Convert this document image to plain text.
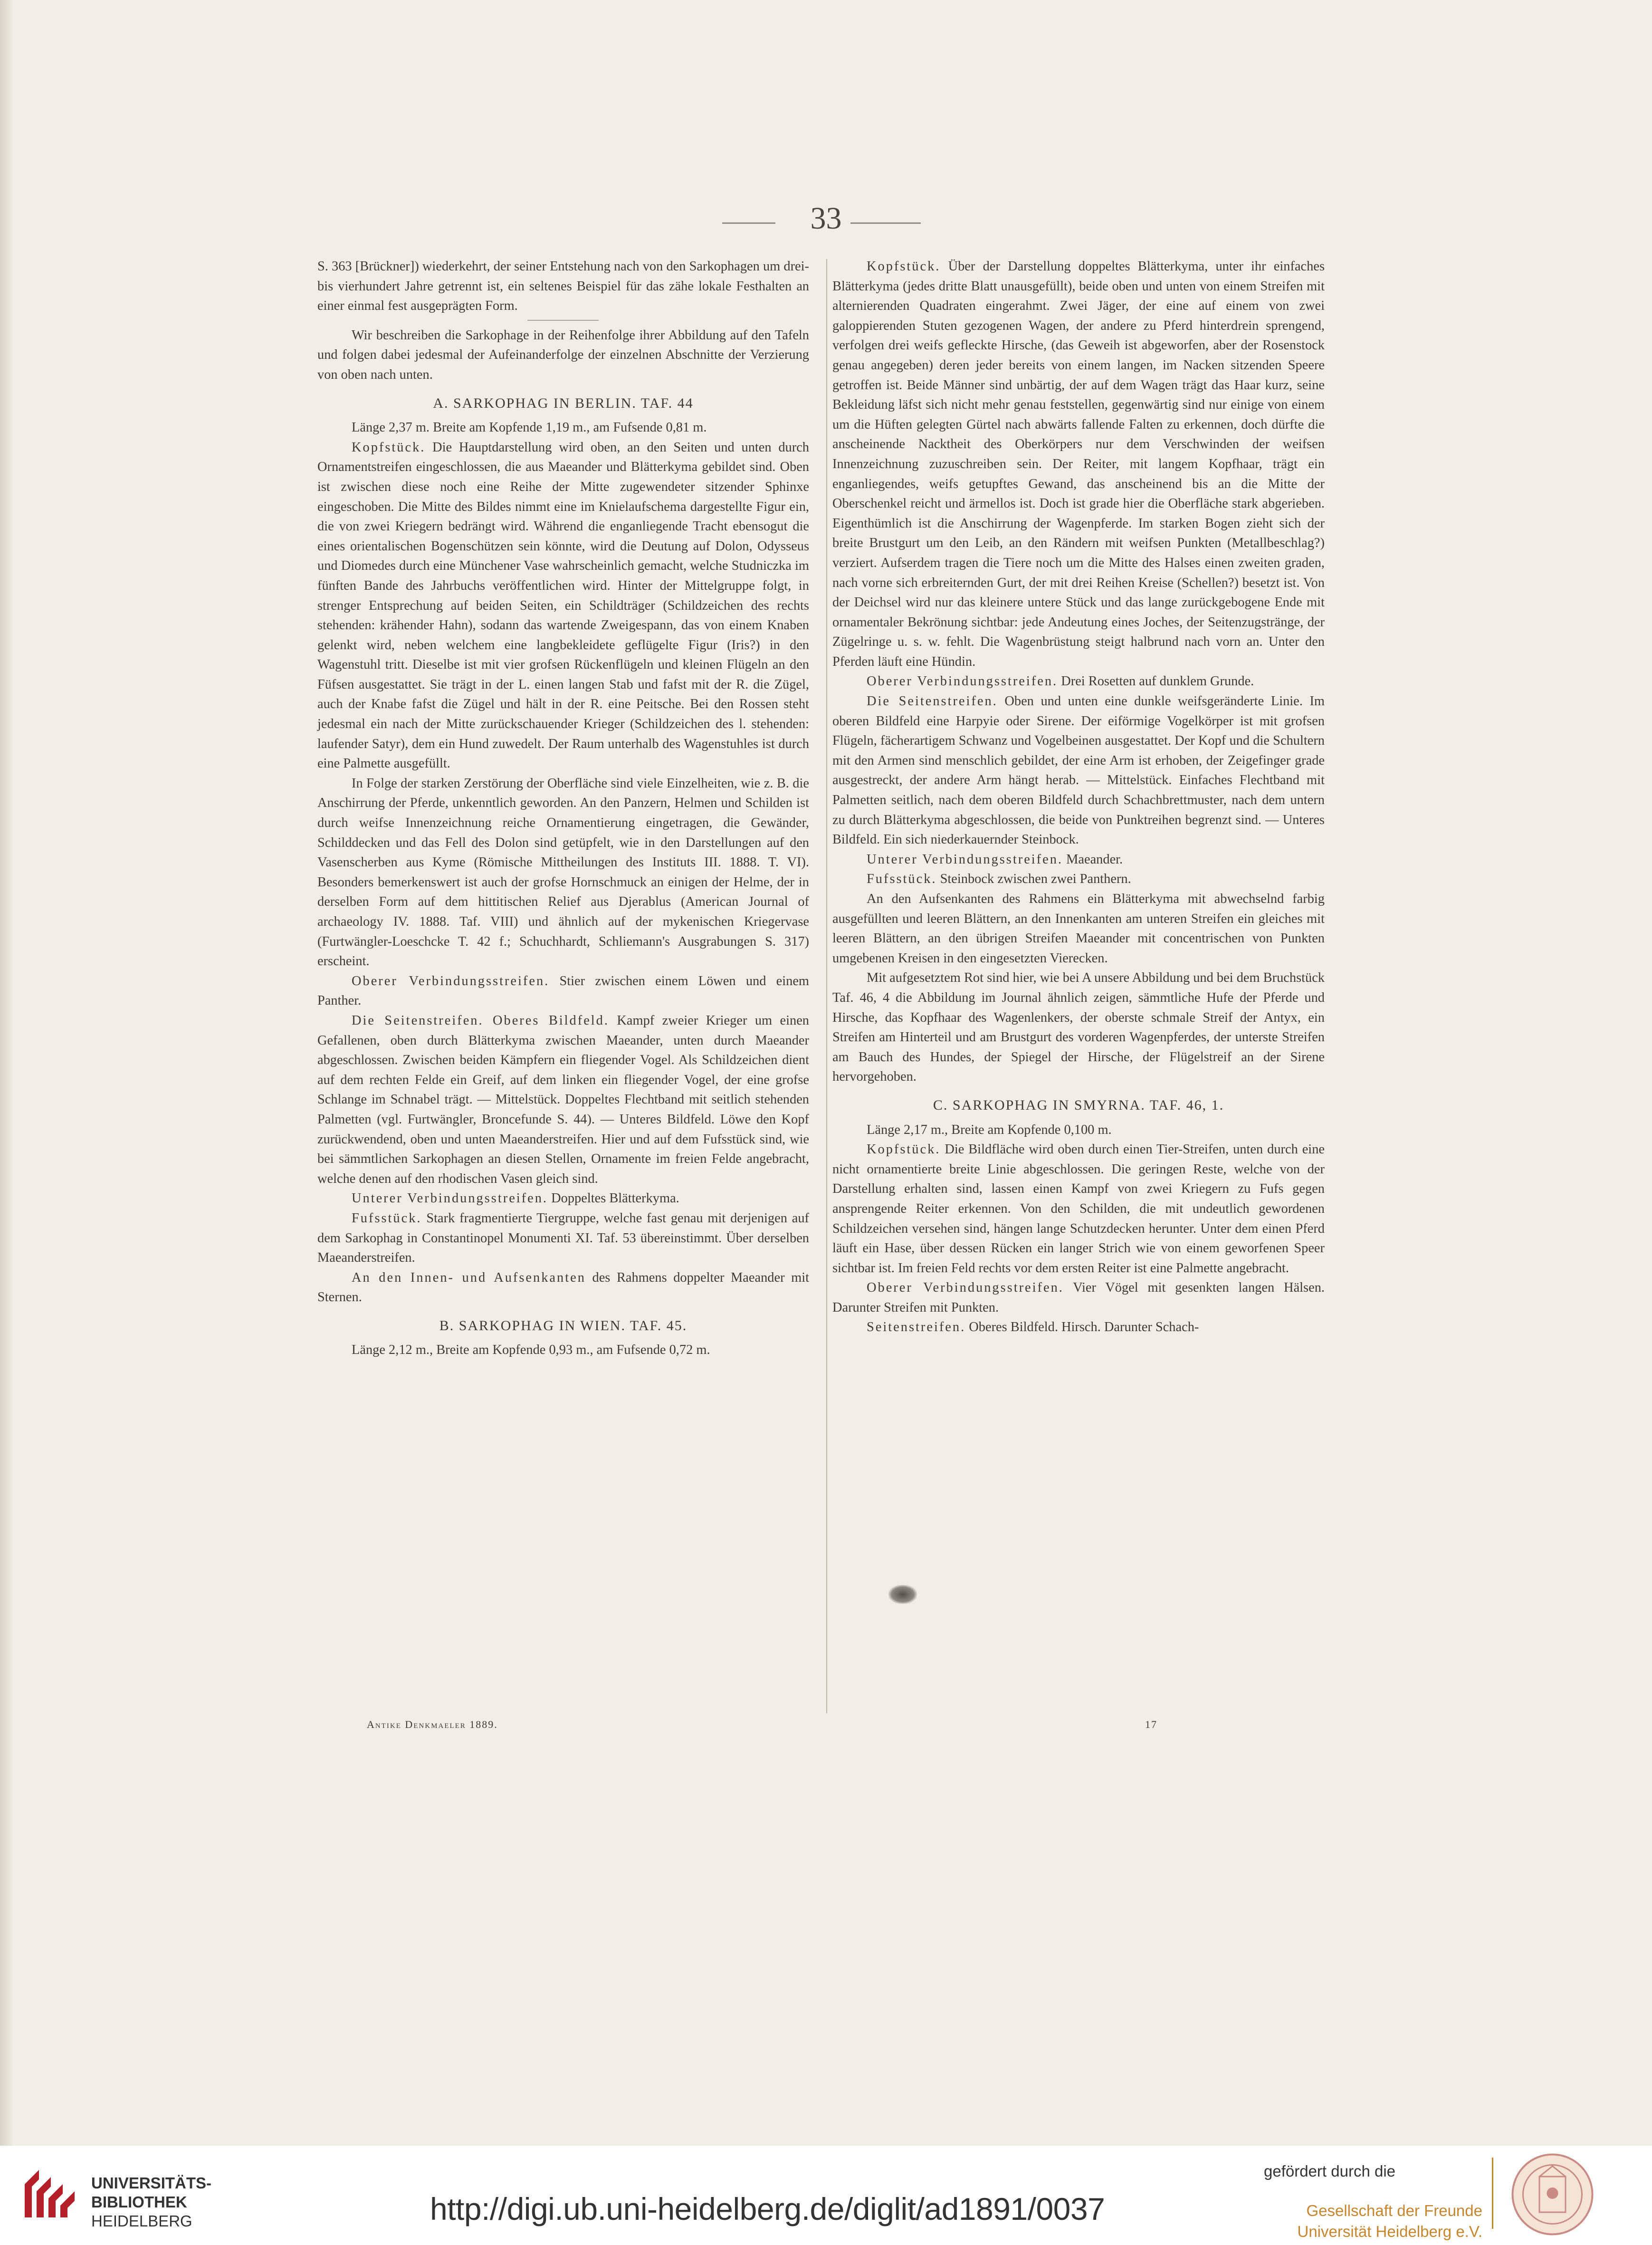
33

S. 363 [Brückner]) wiederkehrt, der seiner Entstehung nach von den Sarkophagen um drei- bis vierhundert Jahre getrennt ist, ein seltenes Beispiel für das zähe lokale Festhalten an einer einmal fest ausgeprägten Form.

Wir beschreiben die Sarkophage in der Reihenfolge ihrer Abbildung auf den Tafeln und folgen dabei jedesmal der Aufeinanderfolge der einzelnen Abschnitte der Verzierung von oben nach unten.

A. SARKOPHAG IN BERLIN. TAF. 44

Länge 2,37 m. Breite am Kopfende 1,19 m., am Fufsende 0,81 m.

Kopfstück. Die Hauptdarstellung wird oben, an den Seiten und unten durch Ornamentstreifen eingeschlossen, die aus Maeander und Blätterkyma gebildet sind. Oben ist zwischen diese noch eine Reihe der Mitte zugewendeter sitzender Sphinxe eingeschoben. Die Mitte des Bildes nimmt eine im Knielaufschema dargestellte Figur ein, die von zwei Kriegern bedrängt wird. Während die enganliegende Tracht ebensogut die eines orientalischen Bogenschützen sein könnte, wird die Deutung auf Dolon, Odysseus und Diomedes durch eine Münchener Vase wahrscheinlich gemacht, welche Studniczka im fünften Bande des Jahrbuchs veröffentlichen wird. Hinter der Mittelgruppe folgt, in strenger Entsprechung auf beiden Seiten, ein Schildträger (Schildzeichen des rechts stehenden: krähender Hahn), sodann das wartende Zweigespann, das von einem Knaben gelenkt wird, neben welchem eine langbekleidete geflügelte Figur (Iris?) in den Wagenstuhl tritt. Dieselbe ist mit vier grofsen Rückenflügeln und kleinen Flügeln an den Füfsen ausgestattet. Sie trägt in der L. einen langen Stab und fafst mit der R. die Zügel, auch der Knabe fafst die Zügel und hält in der R. eine Peitsche. Bei den Rossen steht jedesmal ein nach der Mitte zurückschauender Krieger (Schildzeichen des l. stehenden: laufender Satyr), dem ein Hund zuwedelt. Der Raum unterhalb des Wagenstuhles ist durch eine Palmette ausgefüllt.

In Folge der starken Zerstörung der Oberfläche sind viele Einzelheiten, wie z. B. die Anschirrung der Pferde, unkenntlich geworden. An den Panzern, Helmen und Schilden ist durch weifse Innenzeichnung reiche Ornamentierung eingetragen, die Gewänder, Schilddecken und das Fell des Dolon sind getüpfelt, wie in den Darstellungen auf den Vasenscherben aus Kyme (Römische Mittheilungen des Instituts III. 1888. T. VI). Besonders bemerkenswert ist auch der grofse Hornschmuck an einigen der Helme, der in derselben Form auf dem hittitischen Relief aus Djerablus (American Journal of archaeology IV. 1888. Taf. VIII) und ähnlich auf der mykenischen Kriegervase (Furtwängler-Loeschcke T. 42 f.; Schuchhardt, Schliemann's Ausgrabungen S. 317) erscheint.

Oberer Verbindungsstreifen. Stier zwischen einem Löwen und einem Panther.

Die Seitenstreifen. Oberes Bildfeld. Kampf zweier Krieger um einen Gefallenen, oben durch Blätterkyma zwischen Maeander, unten durch Maeander abgeschlossen. Zwischen beiden Kämpfern ein fliegender Vogel. Als Schildzeichen dient auf dem rechten Felde ein Greif, auf dem linken ein fliegender Vogel, der eine grofse Schlange im Schnabel trägt. — Mittelstück. Doppeltes Flechtband mit seitlich stehenden Palmetten (vgl. Furtwängler, Broncefunde S. 44). — Unteres Bildfeld. Löwe den Kopf zurückwendend, oben und unten Maeanderstreifen. Hier und auf dem Fufsstück sind, wie bei sämmtlichen Sarkophagen an diesen Stellen, Ornamente im freien Felde angebracht, welche denen auf den rhodischen Vasen gleich sind.

Unterer Verbindungsstreifen. Doppeltes Blätterkyma.

Fufsstück. Stark fragmentierte Tiergruppe, welche fast genau mit derjenigen auf dem Sarkophag in Constantinopel Monumenti XI. Taf. 53 übereinstimmt. Über derselben Maeanderstreifen.

An den Innen- und Aufsenkanten des Rahmens doppelter Maeander mit Sternen.

B. SARKOPHAG IN WIEN. TAF. 45.

Länge 2,12 m., Breite am Kopfende 0,93 m., am Fufsende 0,72 m.

Kopfstück. Über der Darstellung doppeltes Blätterkyma, unter ihr einfaches Blätterkyma (jedes dritte Blatt unausgefüllt), beide oben und unten von einem Streifen mit alternierenden Quadraten eingerahmt. Zwei Jäger, der eine auf einem von zwei galoppierenden Stuten gezogenen Wagen, der andere zu Pferd hinterdrein sprengend, verfolgen drei weifs gefleckte Hirsche, (das Geweih ist abgeworfen, aber der Rosenstock genau angegeben) deren jeder bereits von einem langen, im Nacken sitzenden Speere getroffen ist. Beide Männer sind unbärtig, der auf dem Wagen trägt das Haar kurz, seine Bekleidung läfst sich nicht mehr genau feststellen, gegenwärtig sind nur einige von einem um die Hüften gelegten Gürtel nach abwärts fallende Falten zu erkennen, doch dürfte die anscheinende Nacktheit des Oberkörpers nur dem Verschwinden der weifsen Innenzeichnung zuzuschreiben sein. Der Reiter, mit langem Kopfhaar, trägt ein enganliegendes, weifs getupftes Gewand, das anscheinend bis an die Mitte der Oberschenkel reicht und ärmellos ist. Doch ist grade hier die Oberfläche stark abgerieben. Eigenthümlich ist die Anschirrung der Wagenpferde. Im starken Bogen zieht sich der breite Brustgurt um den Leib, an den Rändern mit weifsen Punkten (Metallbeschlag?) verziert. Aufserdem tragen die Tiere noch um die Mitte des Halses einen zweiten graden, nach vorne sich erbreiternden Gurt, der mit drei Reihen Kreise (Schellen?) besetzt ist. Von der Deichsel wird nur das kleinere untere Stück und das lange zurückgebogene Ende mit ornamentaler Bekrönung sichtbar: jede Andeutung eines Joches, der Seitenzugstränge, der Zügelringe u. s. w. fehlt. Die Wagenbrüstung steigt halbrund nach vorn an. Unter den Pferden läuft eine Hündin.

Oberer Verbindungsstreifen. Drei Rosetten auf dunklem Grunde.

Die Seitenstreifen. Oben und unten eine dunkle weifsgeränderte Linie. Im oberen Bildfeld eine Harpyie oder Sirene. Der eiförmige Vogelkörper ist mit grofsen Flügeln, fächerartigem Schwanz und Vogelbeinen ausgestattet. Der Kopf und die Schultern mit den Armen sind menschlich gebildet, der eine Arm ist erhoben, der Zeigefinger grade ausgestreckt, der andere Arm hängt herab. — Mittelstück. Einfaches Flechtband mit Palmetten seitlich, nach dem oberen Bildfeld durch Schachbrettmuster, nach dem untern zu durch Blätterkyma abgeschlossen, die beide von Punktreihen begrenzt sind. — Unteres Bildfeld. Ein sich niederkauernder Steinbock.

Unterer Verbindungsstreifen. Maeander.

Fufsstück. Steinbock zwischen zwei Panthern.

An den Aufsenkanten des Rahmens ein Blätterkyma mit abwechselnd farbig ausgefüllten und leeren Blättern, an den Innenkanten am unteren Streifen ein gleiches mit leeren Blättern, an den übrigen Streifen Maeander mit concentrischen von Punkten umgebenen Kreisen in den eingesetzten Vierecken.

Mit aufgesetztem Rot sind hier, wie bei A unsere Abbildung und bei dem Bruchstück Taf. 46, 4 die Abbildung im Journal ähnlich zeigen, sämmtliche Hufe der Pferde und Hirsche, das Kopfhaar des Wagenlenkers, der oberste schmale Streif der Antyx, ein Streifen am Hinterteil und am Brustgurt des vorderen Wagenpferdes, der unterste Streifen am Bauch des Hundes, der Spiegel der Hirsche, der Flügelstreif an der Sirene hervorgehoben.

C. SARKOPHAG IN SMYRNA. TAF. 46, 1.

Länge 2,17 m., Breite am Kopfende 0,100 m.

Kopfstück. Die Bildfläche wird oben durch einen Tier-Streifen, unten durch eine nicht ornamentierte breite Linie abgeschlossen. Die geringen Reste, welche von der Darstellung erhalten sind, lassen einen Kampf von zwei Kriegern zu Fufs gegen ansprengende Reiter erkennen. Von den Schilden, die mit undeutlich gewordenen Schildzeichen versehen sind, hängen lange Schutzdecken herunter. Unter dem einen Pferd läuft ein Hase, über dessen Rücken ein langer Strich wie von einem geworfenen Speer sichtbar ist. Im freien Feld rechts vor dem ersten Reiter ist eine Palmette angebracht.

Oberer Verbindungsstreifen. Vier Vögel mit gesenkten langen Hälsen. Darunter Streifen mit Punkten.

Seitenstreifen. Oberes Bildfeld. Hirsch. Darunter Schach-

Antike Denkmaeler 1889.	17
UNIVERSITÄTS-
BIBLIOTHEK
HEIDELBERG	http://digi.ub.uni-heidelberg.de/diglit/ad1891/0037
gefördert durch die
Gesellschaft der Freunde
Universität Heidelberg e.V.
